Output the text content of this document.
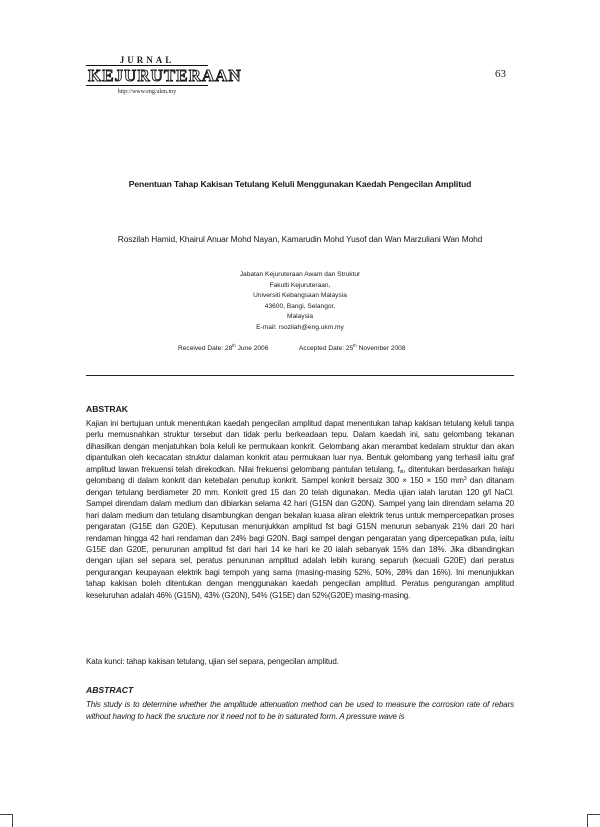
JURNAL
KEJURUTERAAN
http://www.eng.ukm.my
63
Penentuan Tahap Kakisan Tetulang Keluli Menggunakan Kaedah Pengecilan Amplitud
Roszilah Hamid, Khairul Anuar Mohd Nayan, Kamarudin Mohd Yusof dan Wan Marzuliani Wan Mohd
Jabatan Kejuruteraan Awam dan Struktur
Fakulti Kejuruteraan,
Universiti Kebangsaan Malaysia
43600, Bangi, Selangor,
Malaysia
E-mail: rsozilah@eng.ukm.my
Received Date: 28th June 2006	Accepted Date: 25th November 2008
ABSTRAK

Kajian ini bertujuan untuk menentukan kaedah pengecilan amplitud dapat menentukan tahap kakisan tetulang keluli tanpa perlu memusnahkan struktur tersebut dan tidak perlu berkeadaan tepu. Dalam kaedah ini, satu gelombang tekanan dihasilkan dengan menjatuhkan bola keluli ke permukaan konkrit. Gelombang akan merambat kedalam struktur dan akan dipantulkan oleh kecacatan struktur dalaman konkrit atau permukaan luar nya. Bentuk gelombang yang terhasil iaitu graf amplitud lawan frekuensi telah direkodkan. Nilai frekuensi gelombang pantulan tetulang, $f_{st}$, ditentukan berdasarkan halaju gelombang di dalam konkrit dan ketebalan penutup konkrit. Sampel konkrit bersaiz 300 × 150 × 150 $mm^3$ dan ditanam dengan tetulang berdiameter 20 mm. Konkrit gred 15 dan 20 telah digunakan. Media ujian ialah larutan 120 g/l NaCl. Sampel direndam dalam medium dan dibiarkan selama 42 hari (G15N dan G20N). Sampel yang lain direndam selama 20 hari dalam medium dan tetulang disambungkan dengan bekalan kuasa aliran elektrik terus untuk mempercepatkan proses pengaratan (G15E dan G20E). Keputusan menunjukkan amplitud fst bagi G15N menurun sebanyak 21% dari 20 hari rendaman hingga 42 hari rendaman dan 24% bagi G20N. Bagi sampel dengan pengaratan yang dipercepatkan pula, iaitu G15E dan G20E, penurunan amplitud fst dari hari 14 ke hari ke 20 ialah sebanyak 15% dan 18%. Jika dibandingkan dengan ujian sel separa sel, peratus penurunan amplitud adalah lebih kurang separuh (kecuali G20E) dari peratus pengurangan keupayaan elektrik bagi tempoh yang sama (masing-masing 52%, 50%, 28% dan 16%). Ini menunjukkan tahap kakisan boleh ditentukan dengan menggunakan kaedah pengecilan amplitud. Peratus pengurangan amplitud keseluruhan adalah 46% (G15N), 43% (G20N), 54% (G15E) dan 52%(G20E) masing-masing.

Kata kunci: tahap kakisan tetulang, ujian sel separa, pengecilan amplitud.
ABSTRACT

This study is to determine whether the amplitude attenuation method can be used to measure the corrosion rate of rebars without having to hack the sructure nor it need not to be in saturated form. A pressure wave is
